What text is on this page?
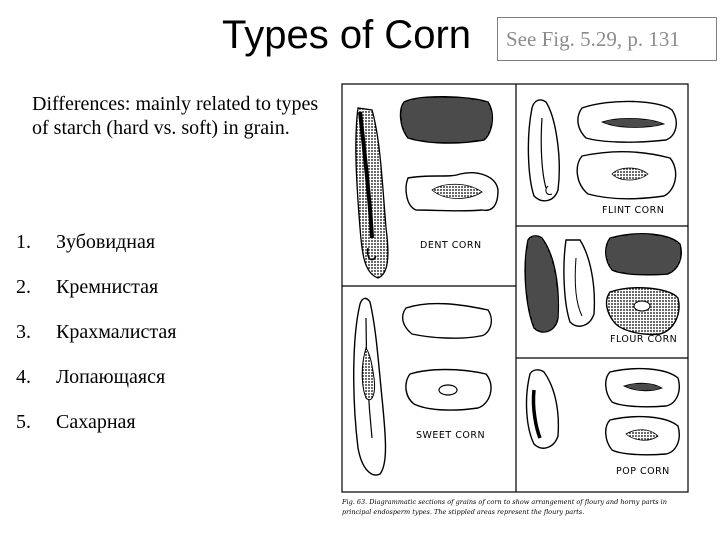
Types of Corn	See Fig. 5.29, p. 131
Differences: mainly related to types of starch (hard vs. soft) in grain.
1. Зубовидная
2. Кремнистая
3. Крахмалистая
4. Лопающаяся
5. Сахарная
DENT CORN
FLINT CORN
FLOUR CORN
SWEET CORN
POP CORN
Fig. 63. Diagrammatic sections of grains of corn to show arrangement of floury and horny parts in
principal endosperm types. The stippled areas represent the floury parts.
